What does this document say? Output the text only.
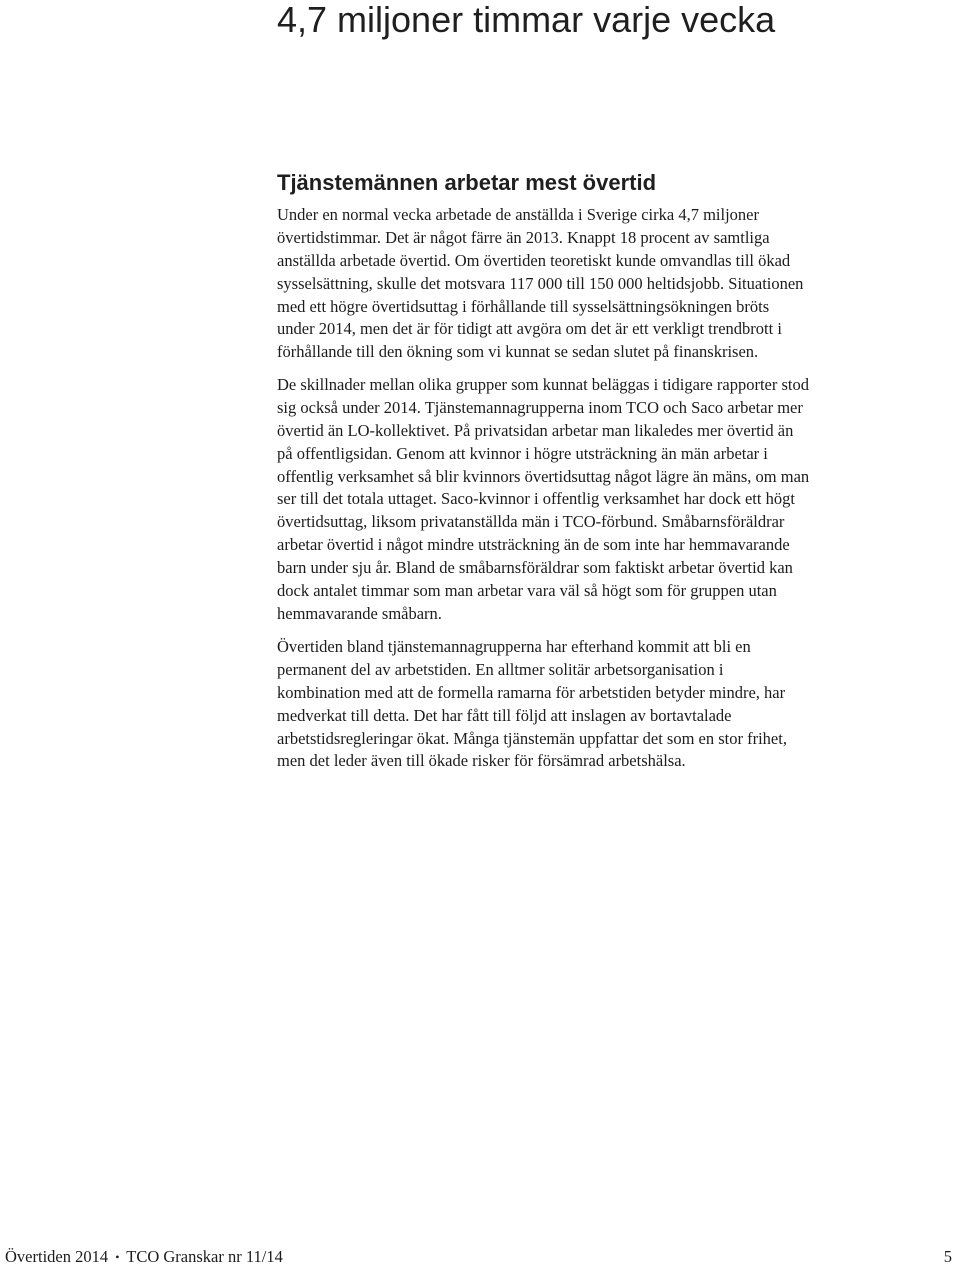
4,7 miljoner timmar varje vecka
Tjänstemännen arbetar mest övertid
Under en normal vecka arbetade de anställda i Sverige cirka 4,7 miljoner
övertidstimmar. Det är något färre än 2013. Knappt 18 procent av samtliga
anställda arbetade övertid. Om övertiden teoretiskt kunde omvandlas till ökad
sysselsättning, skulle det motsvara 117 000 till 150 000 heltidsjobb. Situationen
med ett högre övertidsuttag i förhållande till sysselsättningsökningen bröts
under 2014, men det är för tidigt att avgöra om det är ett verkligt trendbrott i
förhållande till den ökning som vi kunnat se sedan slutet på finanskrisen.
De skillnader mellan olika grupper som kunnat beläggas i tidigare rapporter stod
sig också under 2014. Tjänstemannagrupperna inom TCO och Saco arbetar mer
övertid än LO-kollektivet. På privatsidan arbetar man likaledes mer övertid än
på offentligsidan. Genom att kvinnor i högre utsträckning än män arbetar i
offentlig verksamhet så blir kvinnors övertidsuttag något lägre än mäns, om man
ser till det totala uttaget. Saco-kvinnor i offentlig verksamhet har dock ett högt
övertidsuttag, liksom privatanställda män i TCO-förbund. Småbarnsföräldrar
arbetar övertid i något mindre utsträckning än de som inte har hemmavarande
barn under sju år. Bland de småbarnsföräldrar som faktiskt arbetar övertid kan
dock antalet timmar som man arbetar vara väl så högt som för gruppen utan
hemmavarande småbarn.
Övertiden bland tjänstemannagrupperna har efterhand kommit att bli en
permanent del av arbetstiden. En alltmer solitär arbetsorganisation i
kombination med att de formella ramarna för arbetstiden betyder mindre, har
medverkat till detta. Det har fått till följd att inslagen av bortavtalade
arbetstidsregleringar ökat. Många tjänstemän uppfattar det som en stor frihet,
men det leder även till ökade risker för försämrad arbetshälsa.
Övertiden 2014 • TCO Granskar nr 11/14	5
